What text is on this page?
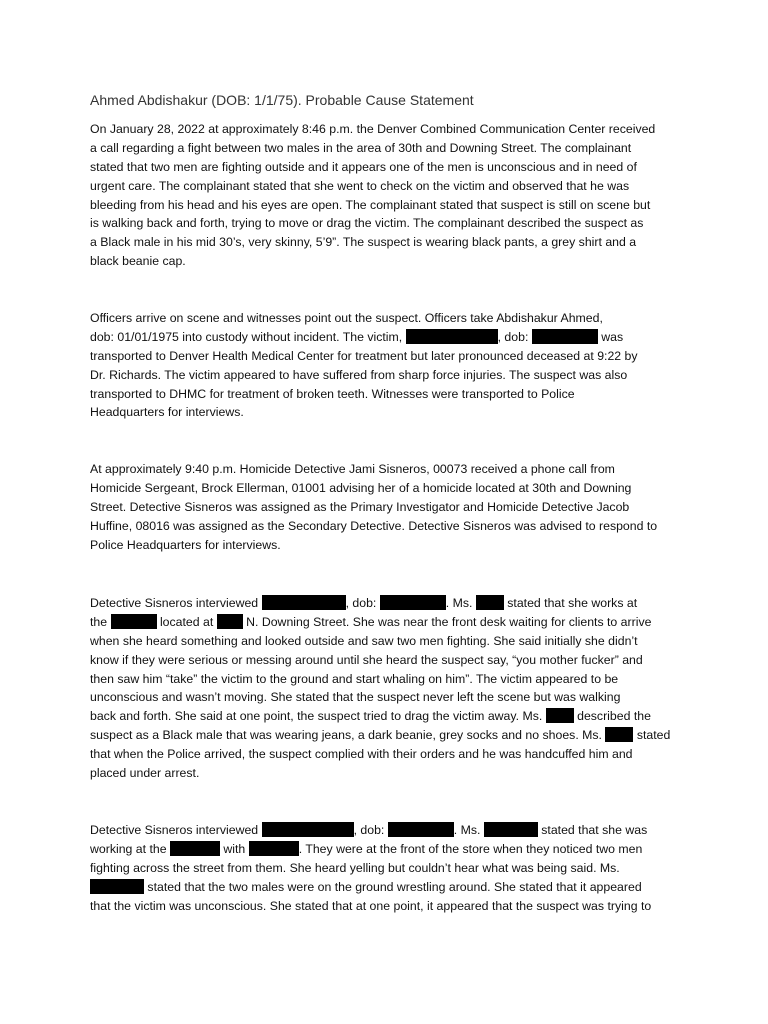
Ahmed Abdishakur (DOB: 1/1/75). Probable Cause Statement
On January 28, 2022 at approximately 8:46 p.m. the Denver Combined Communication Center received
a call regarding a fight between two males in the area of 30th and Downing Street. The complainant
stated that two men are fighting outside and it appears one of the men is unconscious and in need of
urgent care. The complainant stated that she went to check on the victim and observed that he was
bleeding from his head and his eyes are open. The complainant stated that suspect is still on scene but
is walking back and forth, trying to move or drag the victim. The complainant described the suspect as
a Black male in his mid 30’s, very skinny, 5’9”. The suspect is wearing black pants, a grey shirt and a
black beanie cap.
Officers arrive on scene and witnesses point out the suspect. Officers take Abdishakur Ahmed,
dob: 01/01/1975 into custody without incident. The victim,	, dob:	was
transported to Denver Health Medical Center for treatment but later pronounced deceased at 9:22 by
Dr. Richards. The victim appeared to have suffered from sharp force injuries. The suspect was also
transported to DHMC for treatment of broken teeth. Witnesses were transported to Police
Headquarters for interviews.
At approximately 9:40 p.m. Homicide Detective Jami Sisneros, 00073 received a phone call from
Homicide Sergeant, Brock Ellerman, 01001 advising her of a homicide located at 30th and Downing
Street. Detective Sisneros was assigned as the Primary Investigator and Homicide Detective Jacob
Huffine, 08016 was assigned as the Secondary Detective. Detective Sisneros was advised to respond to
Police Headquarters for interviews.
Detective Sisneros interviewed	, dob:	. Ms.	stated that she works at
the	located at	N. Downing Street. She was near the front desk waiting for clients to arrive
when she heard something and looked outside and saw two men fighting. She said initially she didn’t
know if they were serious or messing around until she heard the suspect say, “you mother fucker” and
then saw him “take” the victim to the ground and start whaling on him”. The victim appeared to be
unconscious and wasn’t moving. She stated that the suspect never left the scene but was walking
back and forth. She said at one point, the suspect tried to drag the victim away. Ms.	described the
suspect as a Black male that was wearing jeans, a dark beanie, grey socks and no shoes. Ms.	stated
that when the Police arrived, the suspect complied with their orders and he was handcuffed him and
placed under arrest.
Detective Sisneros interviewed	, dob:	. Ms.	stated that she was
working at the	with	. They were at the front of the store when they noticed two men
fighting across the street from them. She heard yelling but couldn’t hear what was being said. Ms.
stated that the two males were on the ground wrestling around. She stated that it appeared
that the victim was unconscious. She stated that at one point, it appeared that the suspect was trying to
